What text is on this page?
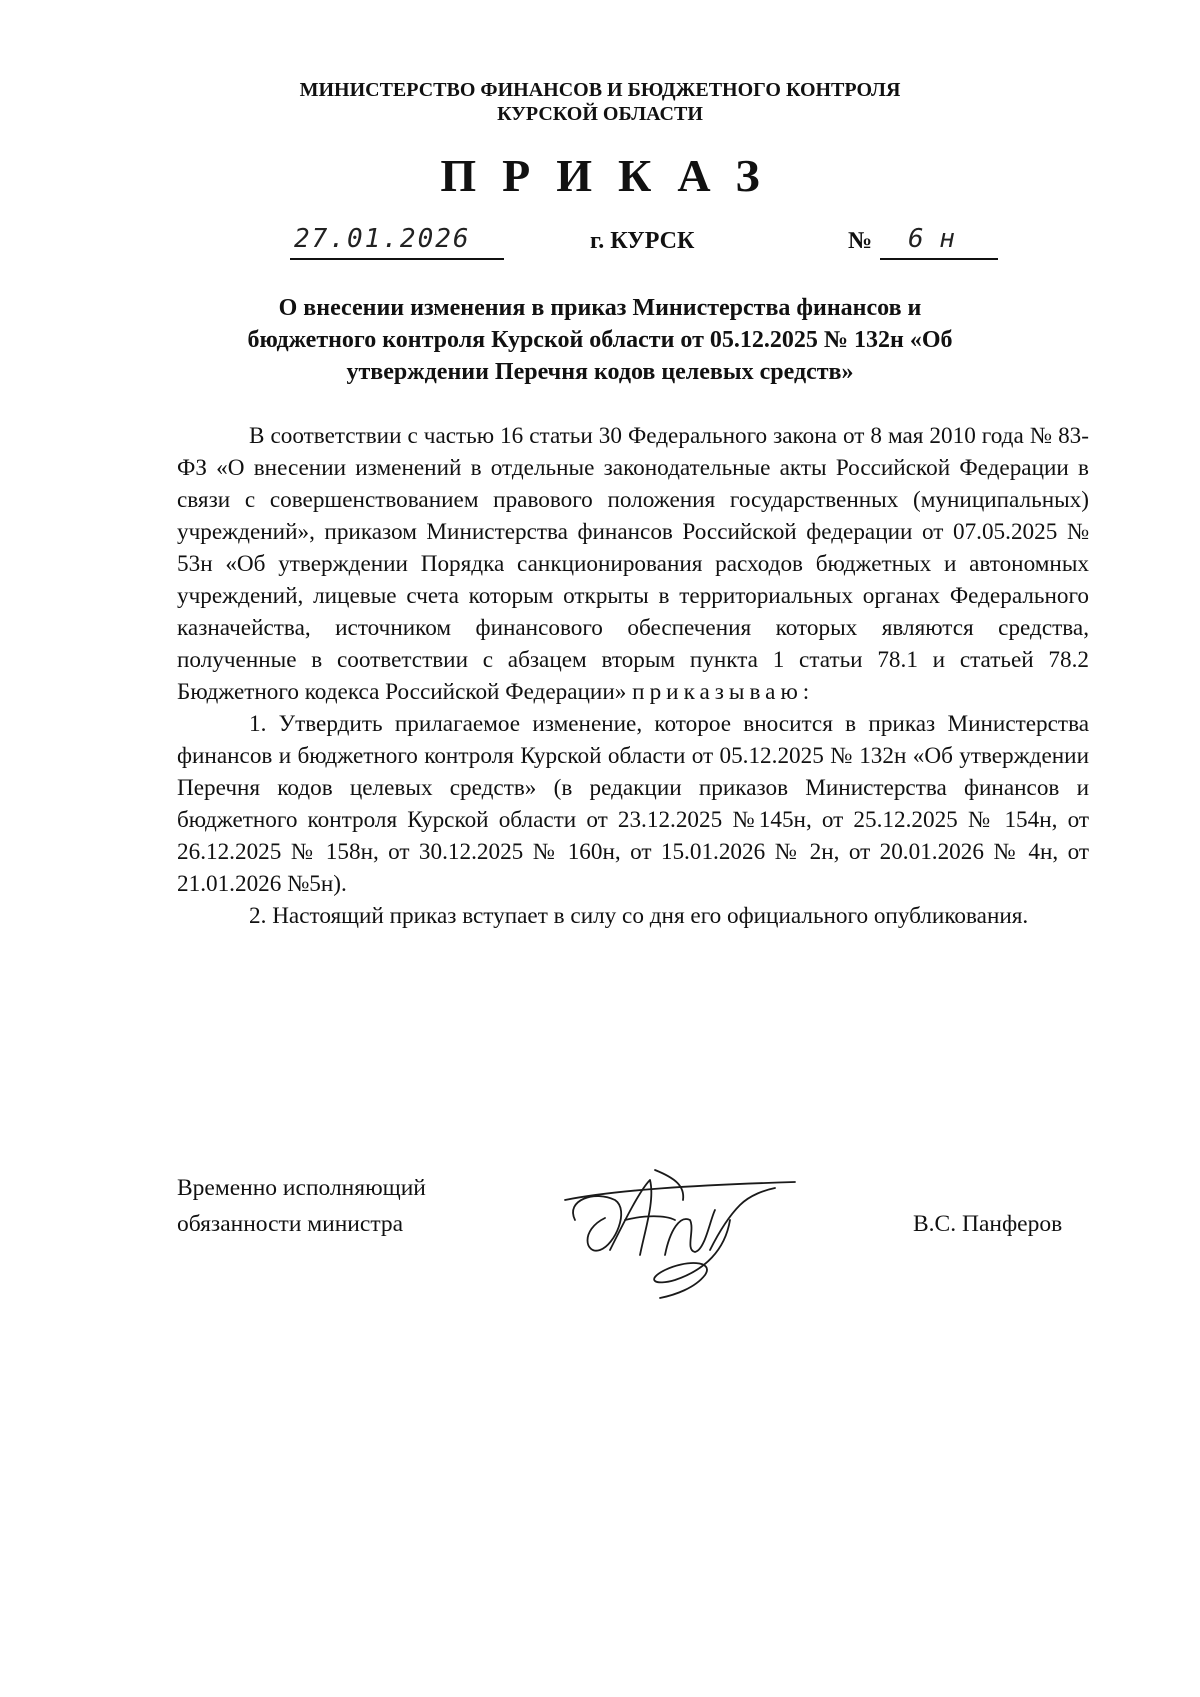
МИНИСТЕРСТВО ФИНАНСОВ И БЮДЖЕТНОГО КОНТРОЛЯ
КУРСКОЙ ОБЛАСТИ
ПРИКАЗ
27.01.2026	г. КУРСК	№ 6 н
О внесении изменения в приказ Министерства финансов и
бюджетного контроля Курской области от 05.12.2025 № 132н «Об
утверждении Перечня кодов целевых средств»

В соответствии с частью 16 статьи 30 Федерального закона от 8 мая 2010 года № 83-ФЗ «О внесении изменений в отдельные законодательные акты Российской Федерации в связи с совершенствованием правового положения государственных (муниципальных) учреждений», приказом Министерства финансов Российской федерации от 07.05.2025 № 53н «Об утверждении Порядка санкционирования расходов бюджетных и автономных учреждений, лицевые счета которым открыты в территориальных органах Федерального казначейства, источником финансового обеспечения которых являются средства, полученные в соответствии с абзацем вторым пункта 1 статьи 78.1 и статьей 78.2 Бюджетного кодекса Российской Федерации» приказываю:

1. Утвердить прилагаемое изменение, которое вносится в приказ Министерства финансов и бюджетного контроля Курской области от 05.12.2025 № 132н «Об утверждении Перечня кодов целевых средств» (в редакции приказов Министерства финансов и бюджетного контроля Курской области от 23.12.2025 №145н, от 25.12.2025 № 154н, от 26.12.2025 № 158н, от 30.12.2025 № 160н, от 15.01.2026 № 2н, от 20.01.2026 № 4н, от 21.01.2026 №5н).

2. Настоящий приказ вступает в силу со дня его официального опубликования.

Временно исполняющий
обязанности министра	В.С. Панферов
